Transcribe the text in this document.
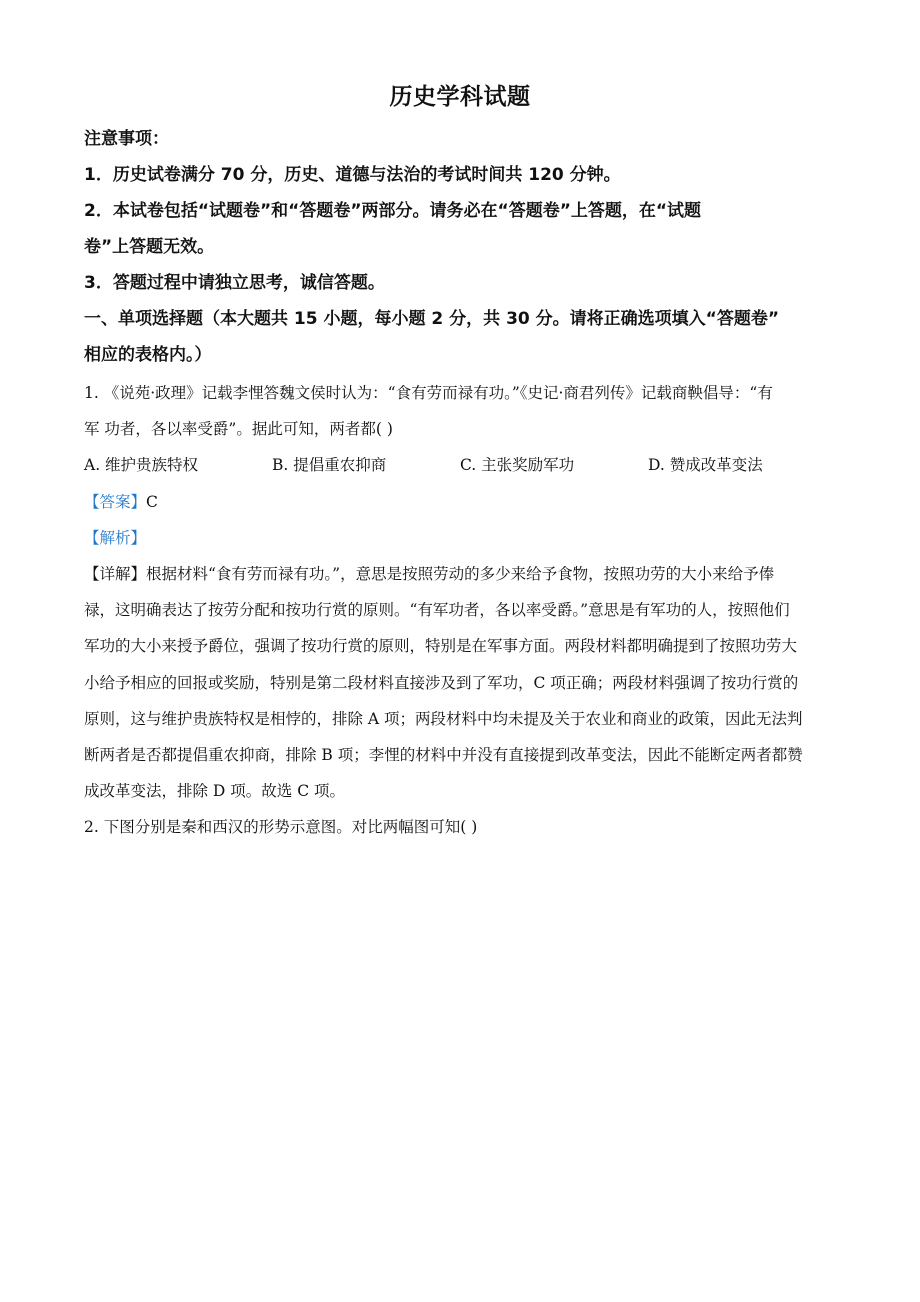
历史学科试题
注意事项：
1．历史试卷满分 70 分，历史、道德与法治的考试时间共 120 分钟。
2．本试卷包括“试题卷”和“答题卷”两部分。请务必在“答题卷”上答题，在“试题
卷”上答题无效。
3．答题过程中请独立思考，诚信答题。
一、单项选择题（本大题共 15 小题，每小题 2 分，共 30 分。请将正确选项填入“答题卷”
相应的表格内。）
1. 《说苑·政理》记载李悝答魏文侯时认为：“食有劳而禄有功。”《史记·商君列传》记载商鞅倡导：“有
军 功者，各以率受爵”。据此可知，两者都( )
A. 维护贵族特权	B. 提倡重农抑商	C. 主张奖励军功	D. 赞成改革变法
【答案】C
【解析】
【详解】根据材料“食有劳而禄有功。”，意思是按照劳动的多少来给予食物，按照功劳的大小来给予俸
禄，这明确表达了按劳分配和按功行赏的原则。“有军功者，各以率受爵。”意思是有军功的人，按照他们
军功的大小来授予爵位，强调了按功行赏的原则，特别是在军事方面。两段材料都明确提到了按照功劳大
小给予相应的回报或奖励，特别是第二段材料直接涉及到了军功，C 项正确；两段材料强调了按功行赏的
原则，这与维护贵族特权是相悖的，排除 A 项；两段材料中均未提及关于农业和商业的政策，因此无法判
断两者是否都提倡重农抑商，排除 B 项；李悝的材料中并没有直接提到改革变法，因此不能断定两者都赞
成改革变法，排除 D 项。故选 C 项。
2. 下图分别是秦和西汉的形势示意图。对比两幅图可知( )
